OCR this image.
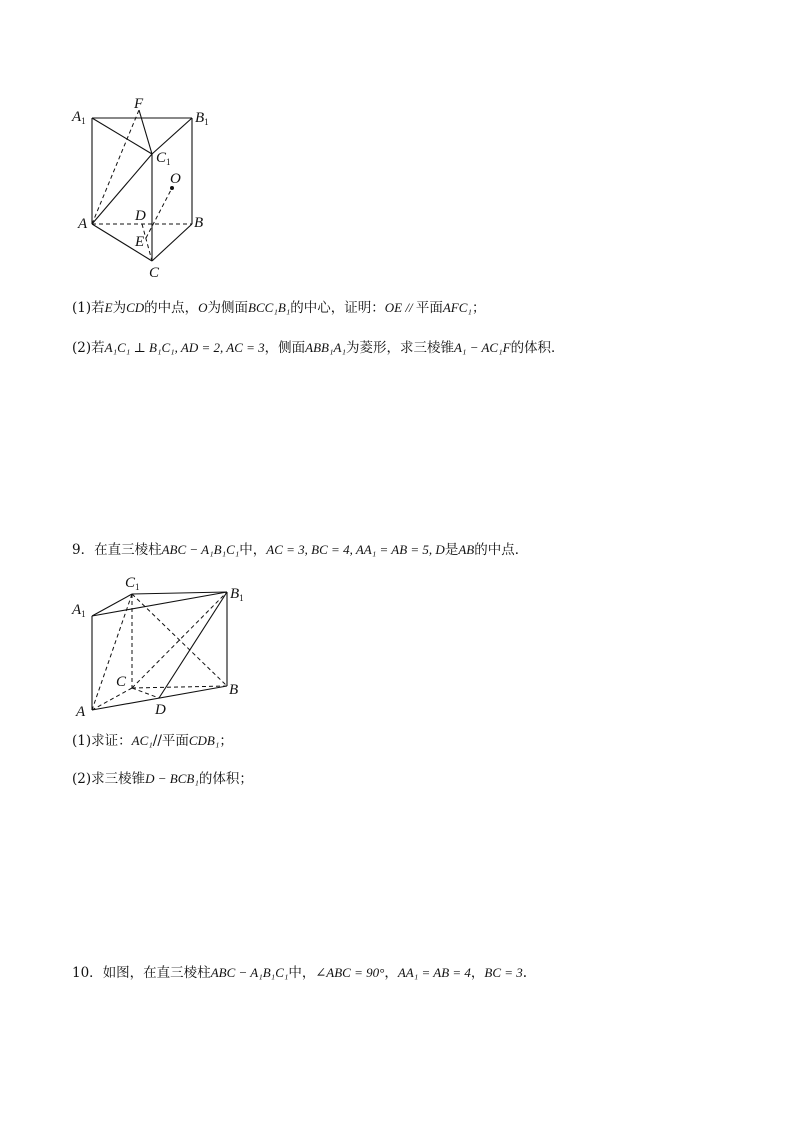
$A_1$
F
$B_1$
$C_1$
O
A	D	B
E
C
(1)若E为CD的中点，O为侧面BCC₁B₁的中心，证明：OE // 平面AFC₁；
(2)若A₁C₁ ⊥ B₁C₁, AD = 2, AC = 3，侧面ABB₁A₁为菱形，求三棱锥A₁ − AC₁F的体积．
9．在直三棱柱ABC − A₁B₁C₁中，AC = 3, BC = 4, AA₁ = AB = 5, D是AB的中点．
$C_1$	$B_1$
$A_1$
C	B
A	D
(1)求证：AC₁//平面CDB₁；
(2)求三棱锥D − BCB₁的体积；
10．如图，在直三棱柱ABC − A₁B₁C₁中，∠ABC = 90°，AA₁ = AB = 4，BC = 3.
